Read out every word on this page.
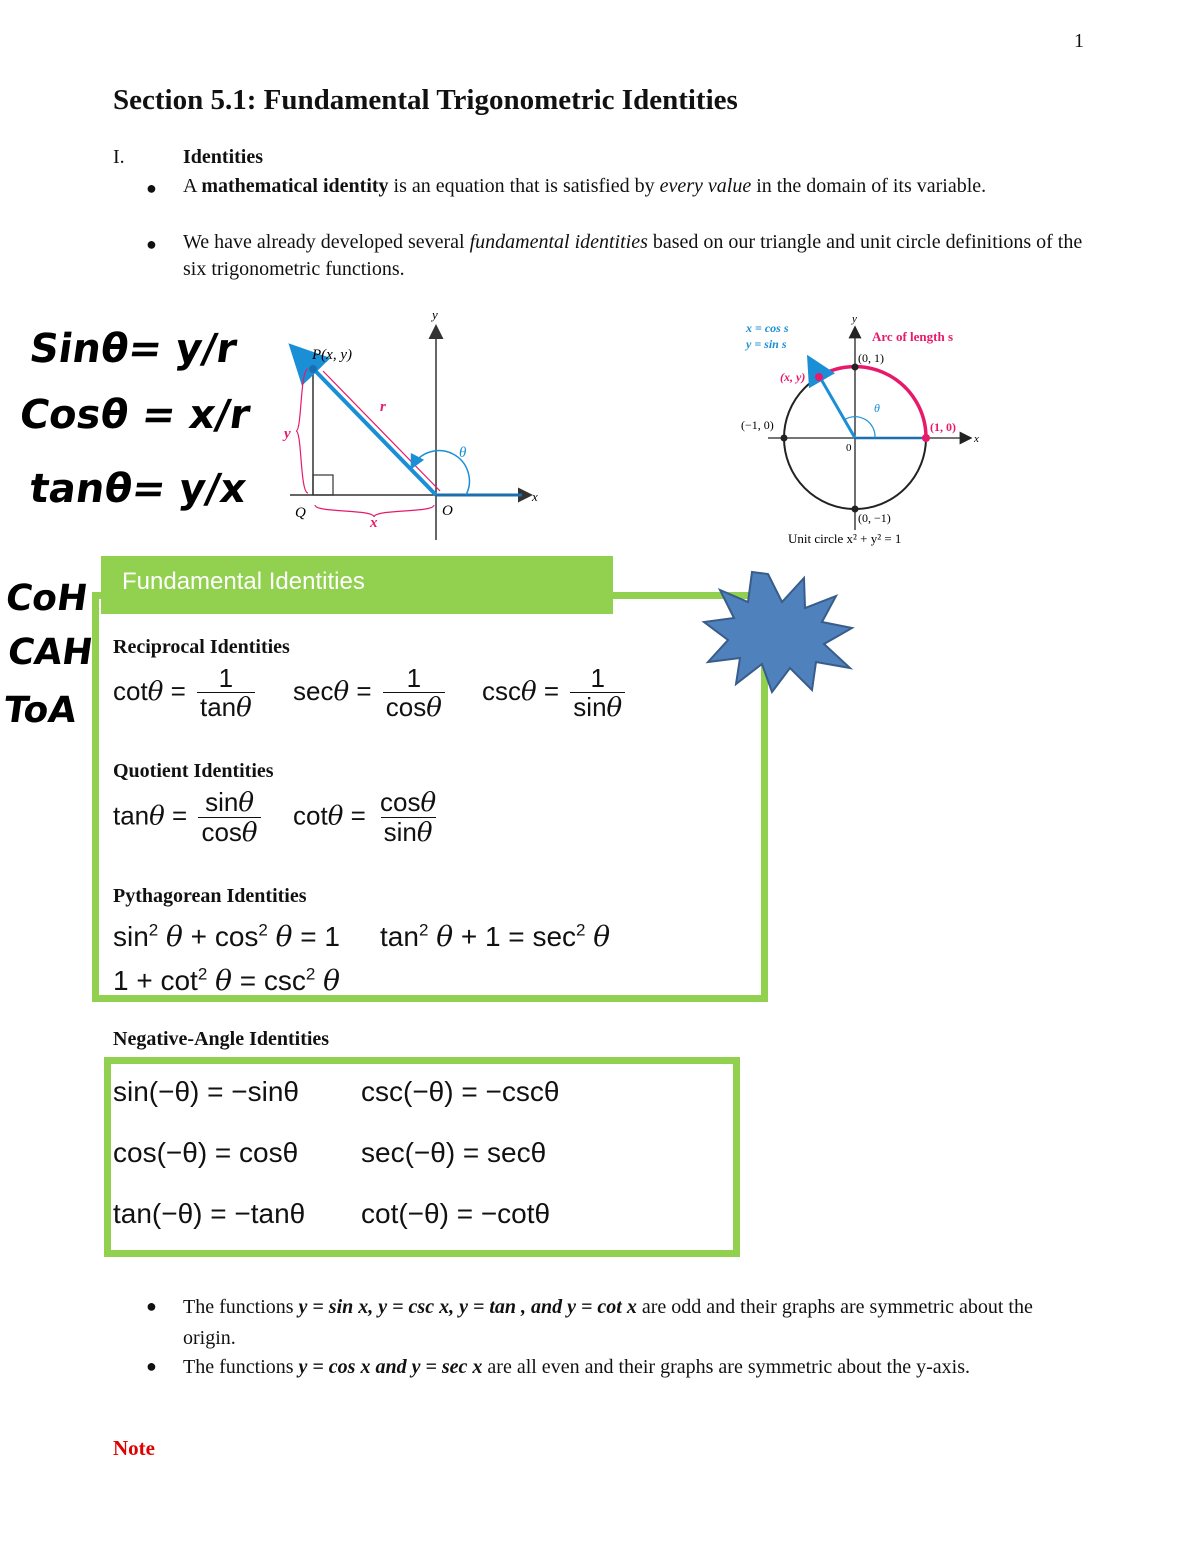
1
Section 5.1: Fundamental Trigonometric Identities
I.	Identities
● A mathematical identity is an equation that is satisfied by every value in the domain of its variable.
● We have already developed several fundamental identities based on our triangle and unit circle definitions of the six trigonometric functions.
Sinθ= y/r
Cosθ = x/r
tanθ= y/x
CoH
CAH
ToA
P(x, y)
r
y
x
Q	O
θ
x
y
x = cos s
y = sin s	Arc of length s
(0, 1)
(0, −1)
(−1, 0)	(1, 0)
(x, y)
0
θ
x
y
Unit circle x² + y² = 1
Fundamental Identities
Reciprocal Identities
$\cot\theta = \frac{1}{\tan\theta}$ $\sec\theta = \frac{1}{\cos\theta}$ $\csc\theta = \frac{1}{\sin\theta}$
Quotient Identities
$\tan\theta = \frac{\sin\theta}{\cos\theta}$ $\cot\theta = \frac{\cos\theta}{\sin\theta}$
Pythagorean Identities
$\sin^2 \theta + \cos^2 \theta = 1$ $\tan^2 \theta + 1 = \sec^2 \theta$
$1 + \cot^2 \theta = \csc^2 \theta$
Negative-Angle Identities
sin(−θ) = −sinθ csc(−θ) = −cscθ
cos(−θ) = cosθ sec(−θ) = secθ
tan(−θ) = −tanθ cot(−θ) = −cotθ
● The functions y = sin x, y = csc x, y = tan , and y = cot x are odd and their graphs are symmetric about the origin.
● The functions y = cos x and y = sec x are all even and their graphs are symmetric about the y-axis.
Note
